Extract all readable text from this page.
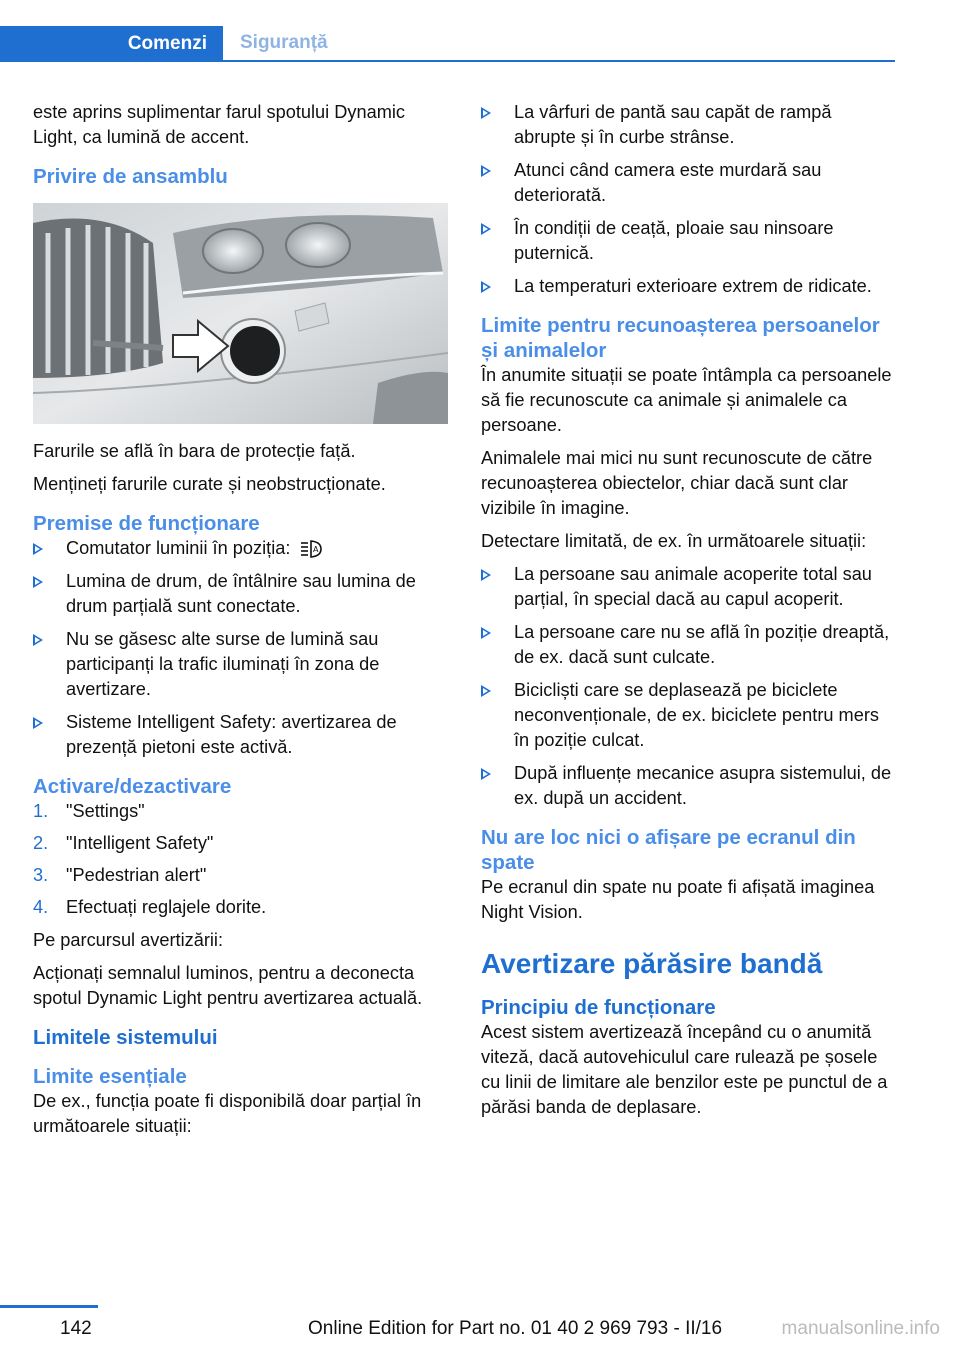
Comenzi	Siguranță

este aprins suplimentar farul spotului Dynamic Light, ca lumină de accent.

Privire de ansamblu

Farurile se află în bara de protecție față.

Mențineți farurile curate și neobstrucționate.

Premise de funcționare
Comutator luminii în poziția:	A
Lumina de drum, de întâlnire sau lumina de drum parțială sunt conectate.
Nu se găsesc alte surse de lumină sau participanți la trafic iluminați în zona de avertizare.
Sisteme Intelligent Safety: avertizarea de prezență pietoni este activă.
Activare/dezactivare
1. "Settings"
2. "Intelligent Safety"
3. "Pedestrian alert"
4. Efectuați reglajele dorite.

Pe parcursul avertizării:

Acționați semnalul luminos, pentru a deconecta spotul Dynamic Light pentru avertizarea actuală.

Limitele sistemului
Limite esențiale

De ex., funcția poate fi disponibilă doar parțial în următoarele situații:

La vârfuri de pantă sau capăt de rampă abrupte și în curbe strânse.
Atunci când camera este murdară sau deteriorată.
În condiții de ceață, ploaie sau ninsoare puternică.
La temperaturi exterioare extrem de ridicate.
Limite pentru recunoașterea persoanelor și animalelor

În anumite situații se poate întâmpla ca persoanele să fie recunoscute ca animale și animalele ca persoane.

Animalele mai mici nu sunt recunoscute de către recunoașterea obiectelor, chiar dacă sunt clar vizibile în imagine.

Detectare limitată, de ex. în următoarele situații:

La persoane sau animale acoperite total sau parțial, în special dacă au capul acoperit.
La persoane care nu se află în poziție dreaptă, de ex. dacă sunt culcate.
Bicicliști care se deplasează pe biciclete neconvenționale, de ex. biciclete pentru mers în poziție culcat.
După influențe mecanice asupra sistemului, de ex. după un accident.
Nu are loc nici o afișare pe ecranul din spate

Pe ecranul din spate nu poate fi afișată imaginea Night Vision.

Avertizare părăsire bandă
Principiu de funcționare

Acest sistem avertizează începând cu o anumită viteză, dacă autovehiculul care rulează pe șosele cu linii de limitare ale benzilor este pe punctul de a părăsi banda de deplasare.

142	Online Edition for Part no. 01 40 2 969 793 - II/16	manualsonline.info
